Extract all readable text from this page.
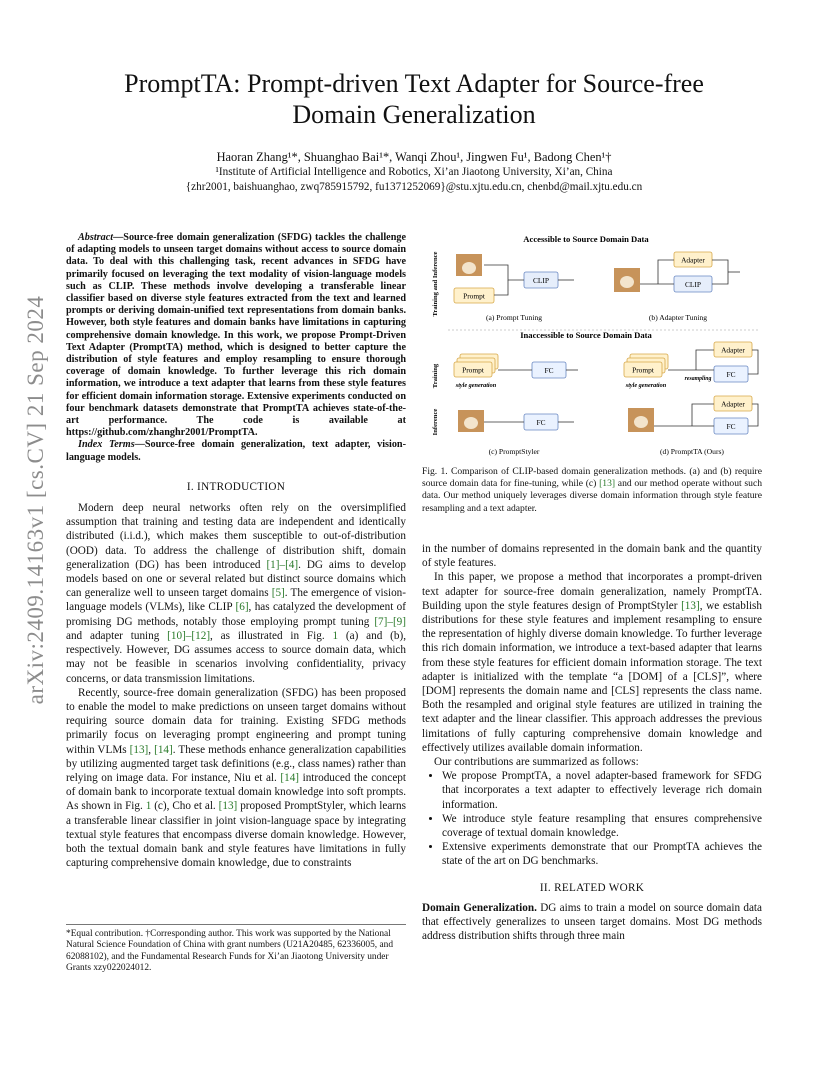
arXiv:2409.14163v1 [cs.CV] 21 Sep 2024
PromptTA: Prompt-driven Text Adapter for Source-free
Domain Generalization
Haoran Zhang¹*, Shuanghao Bai¹*, Wanqi Zhou¹, Jingwen Fu¹, Badong Chen¹†
¹Institute of Artificial Intelligence and Robotics, Xi’an Jiaotong University, Xi’an, China
{zhr2001, baishuanghao, zwq785915792, fu1371252069}@stu.xjtu.edu.cn, chenbd@mail.xjtu.edu.cn

Abstract—Source-free domain generalization (SFDG) tackles the challenge of adapting models to unseen target domains without access to source domain data. To deal with this challenging task, recent advances in SFDG have primarily focused on leveraging the text modality of vision-language models such as CLIP. These methods involve developing a transferable linear classifier based on diverse style features extracted from the text and learned prompts or deriving domain-unified text representations from domain banks. However, both style features and domain banks have limitations in capturing comprehensive domain knowledge. In this work, we propose Prompt-Driven Text Adapter (PromptTA) method, which is designed to better capture the distribution of style features and employ resampling to ensure thorough coverage of domain knowledge. To further leverage this rich domain information, we introduce a text adapter that learns from these style features for efficient domain information storage. Extensive experiments conducted on four benchmark datasets demonstrate that PromptTA achieves state-of-the-art performance. The code is available at https://github.com/zhanghr2001/PromptTA.

Index Terms—Source-free domain generalization, text adapter, vision-language models.

I. INTRODUCTION

Modern deep neural networks often rely on the oversimplified assumption that training and testing data are independent and identically distributed (i.i.d.), which makes them susceptible to out-of-distribution (OOD) data. To address the challenge of distribution shift, domain generalization (DG) has been introduced [1]–[4]. DG aims to develop models based on one or several related but distinct source domains which can generalize well to unseen target domains [5]. The emergence of vision-language models (VLMs), like CLIP [6], has catalyzed the development of promising DG methods, notably those employing prompt tuning [7]–[9] and adapter tuning [10]–[12], as illustrated in Fig. 1 (a) and (b), respectively. However, DG assumes access to source domain data, which may not be feasible in scenarios involving confidentiality, privacy concerns, or data transmission limitations.

Recently, source-free domain generalization (SFDG) has been proposed to enable the model to make predictions on unseen target domains without requiring source domain data for training. Existing SFDG methods primarily focus on leveraging prompt engineering and prompt tuning within VLMs [13], [14]. These methods enhance generalization capabilities by utilizing augmented target task definitions (e.g., class names) rather than relying on image data. For instance, Niu et al. [14] introduced the concept of domain bank to incorporate textual domain knowledge into soft prompts. As shown in Fig. 1 (c), Cho et al. [13] proposed PromptStyler, which learns a transferable linear classifier in joint vision-language space by integrating textual style features that encompass diverse domain knowledge. However, both the textual domain bank and style features have limitations in fully capturing comprehensive domain knowledge, due to constraints

*Equal contribution. †Corresponding author. This work was supported by the National Natural Science Foundation of China with grant numbers (U21A20485, 62336005, and 62088102), and the Fundamental Research Funds for Xi’an Jiaotong University under Grants xzy022024012.
Accessible to Source Domain Data
Inaccessible to Source Domain Data
Training and Inference
Training
Inference
Prompt
CLIP
(a) Prompt Tuning
Adapter
CLIP
(b) Adapter Tuning
Prompt
style generation
FC
FC
(c) PromptStyler
Prompt
style generation
Adapter
FC
resampling
Adapter
FC
(d) PromptTA (Ours)
Fig. 1. Comparison of CLIP-based domain generalization methods. (a) and (b) require source domain data for fine-tuning, while (c) [13] and our method operate without such data. Our method uniquely leverages diverse domain information through style feature resampling and a text adapter.

in the number of domains represented in the domain bank and the quantity of style features.

In this paper, we propose a method that incorporates a prompt-driven text adapter for source-free domain generalization, namely PromptTA. Building upon the style features design of PromptStyler [13], we establish distributions for these style features and implement resampling to ensure the representation of highly diverse domain knowledge. To further leverage this rich domain information, we introduce a text-based adapter that learns from these style features for efficient domain information storage. The text adapter is initialized with the template “a [DOM] of a [CLS]”, where [DOM] represents the domain name and [CLS] represents the class name. Both the resampled and original style features are utilized in training the text adapter and the linear classifier. This approach addresses the previous limitations of fully capturing comprehensive domain knowledge and effectively utilizes available domain information.

Our contributions are summarized as follows:

• We propose PromptTA, a novel adapter-based framework for SFDG that incorporates a text adapter to effectively leverage rich domain information.
• We introduce style feature resampling that ensures comprehensive coverage of textual domain knowledge.
• Extensive experiments demonstrate that our PromptTA achieves the state of the art on DG benchmarks.
II. RELATED WORK

Domain Generalization. DG aims to train a model on source domain data that effectively generalizes to unseen target domains. Most DG methods address distribution shifts through three main
